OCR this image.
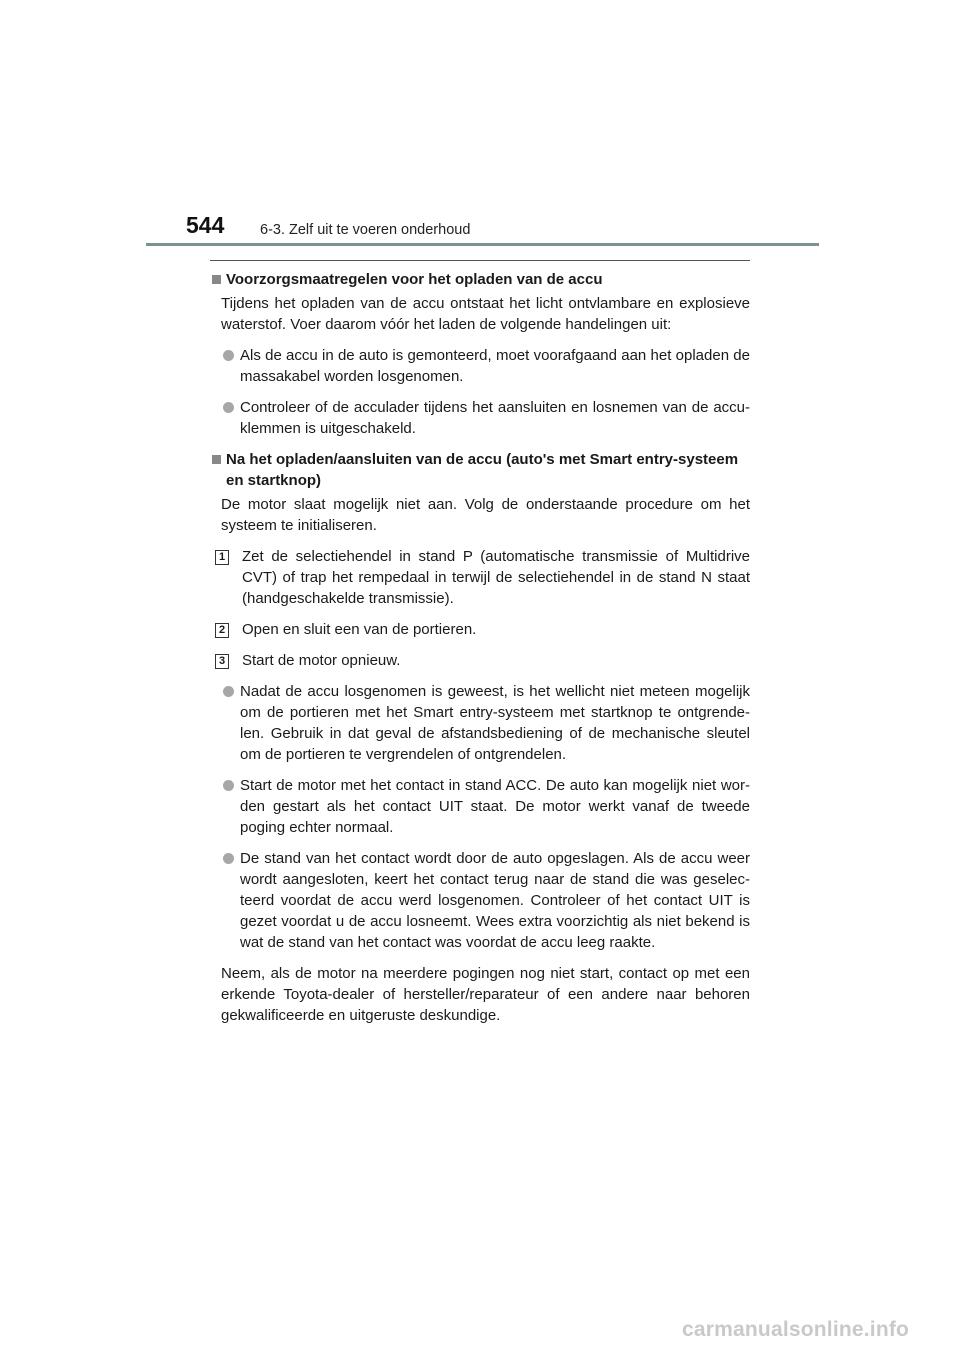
544 6-3. Zelf uit te voeren onderhoud
Voorzorgsmaatregelen voor het opladen van de accu
Tijdens het opladen van de accu ontstaat het licht ontvlambare en explosieve waterstof. Voer daarom vóór het laden de volgende handelingen uit:
Als de accu in de auto is gemonteerd, moet voorafgaand aan het opladen de massakabel worden losgenomen.
Controleer of de acculader tijdens het aansluiten en losnemen van de accu-klemmen is uitgeschakeld.
Na het opladen/aansluiten van de accu (auto's met Smart entry-systeem en startknop)
De motor slaat mogelijk niet aan. Volg de onderstaande procedure om het systeem te initialiseren.
1 Zet de selectiehendel in stand P (automatische transmissie of Multidrive CVT) of trap het rempedaal in terwijl de selectiehendel in de stand N staat (handgeschakelde transmissie).
2 Open en sluit een van de portieren.
3 Start de motor opnieuw.
Nadat de accu losgenomen is geweest, is het wellicht niet meteen mogelijk om de portieren met het Smart entry-systeem met startknop te ontgrende-len. Gebruik in dat geval de afstandsbediening of de mechanische sleutel om de portieren te vergrendelen of ontgrendelen.
Start de motor met het contact in stand ACC. De auto kan mogelijk niet wor-den gestart als het contact UIT staat. De motor werkt vanaf de tweede poging echter normaal.
De stand van het contact wordt door de auto opgeslagen. Als de accu weer wordt aangesloten, keert het contact terug naar de stand die was geselec-teerd voordat de accu werd losgenomen. Controleer of het contact UIT is gezet voordat u de accu losneemt. Wees extra voorzichtig als niet bekend is wat de stand van het contact was voordat de accu leeg raakte.
Neem, als de motor na meerdere pogingen nog niet start, contact op met een erkende Toyota-dealer of hersteller/reparateur of een andere naar behoren gekwalificeerde en uitgeruste deskundige.
carmanualsonline.info
